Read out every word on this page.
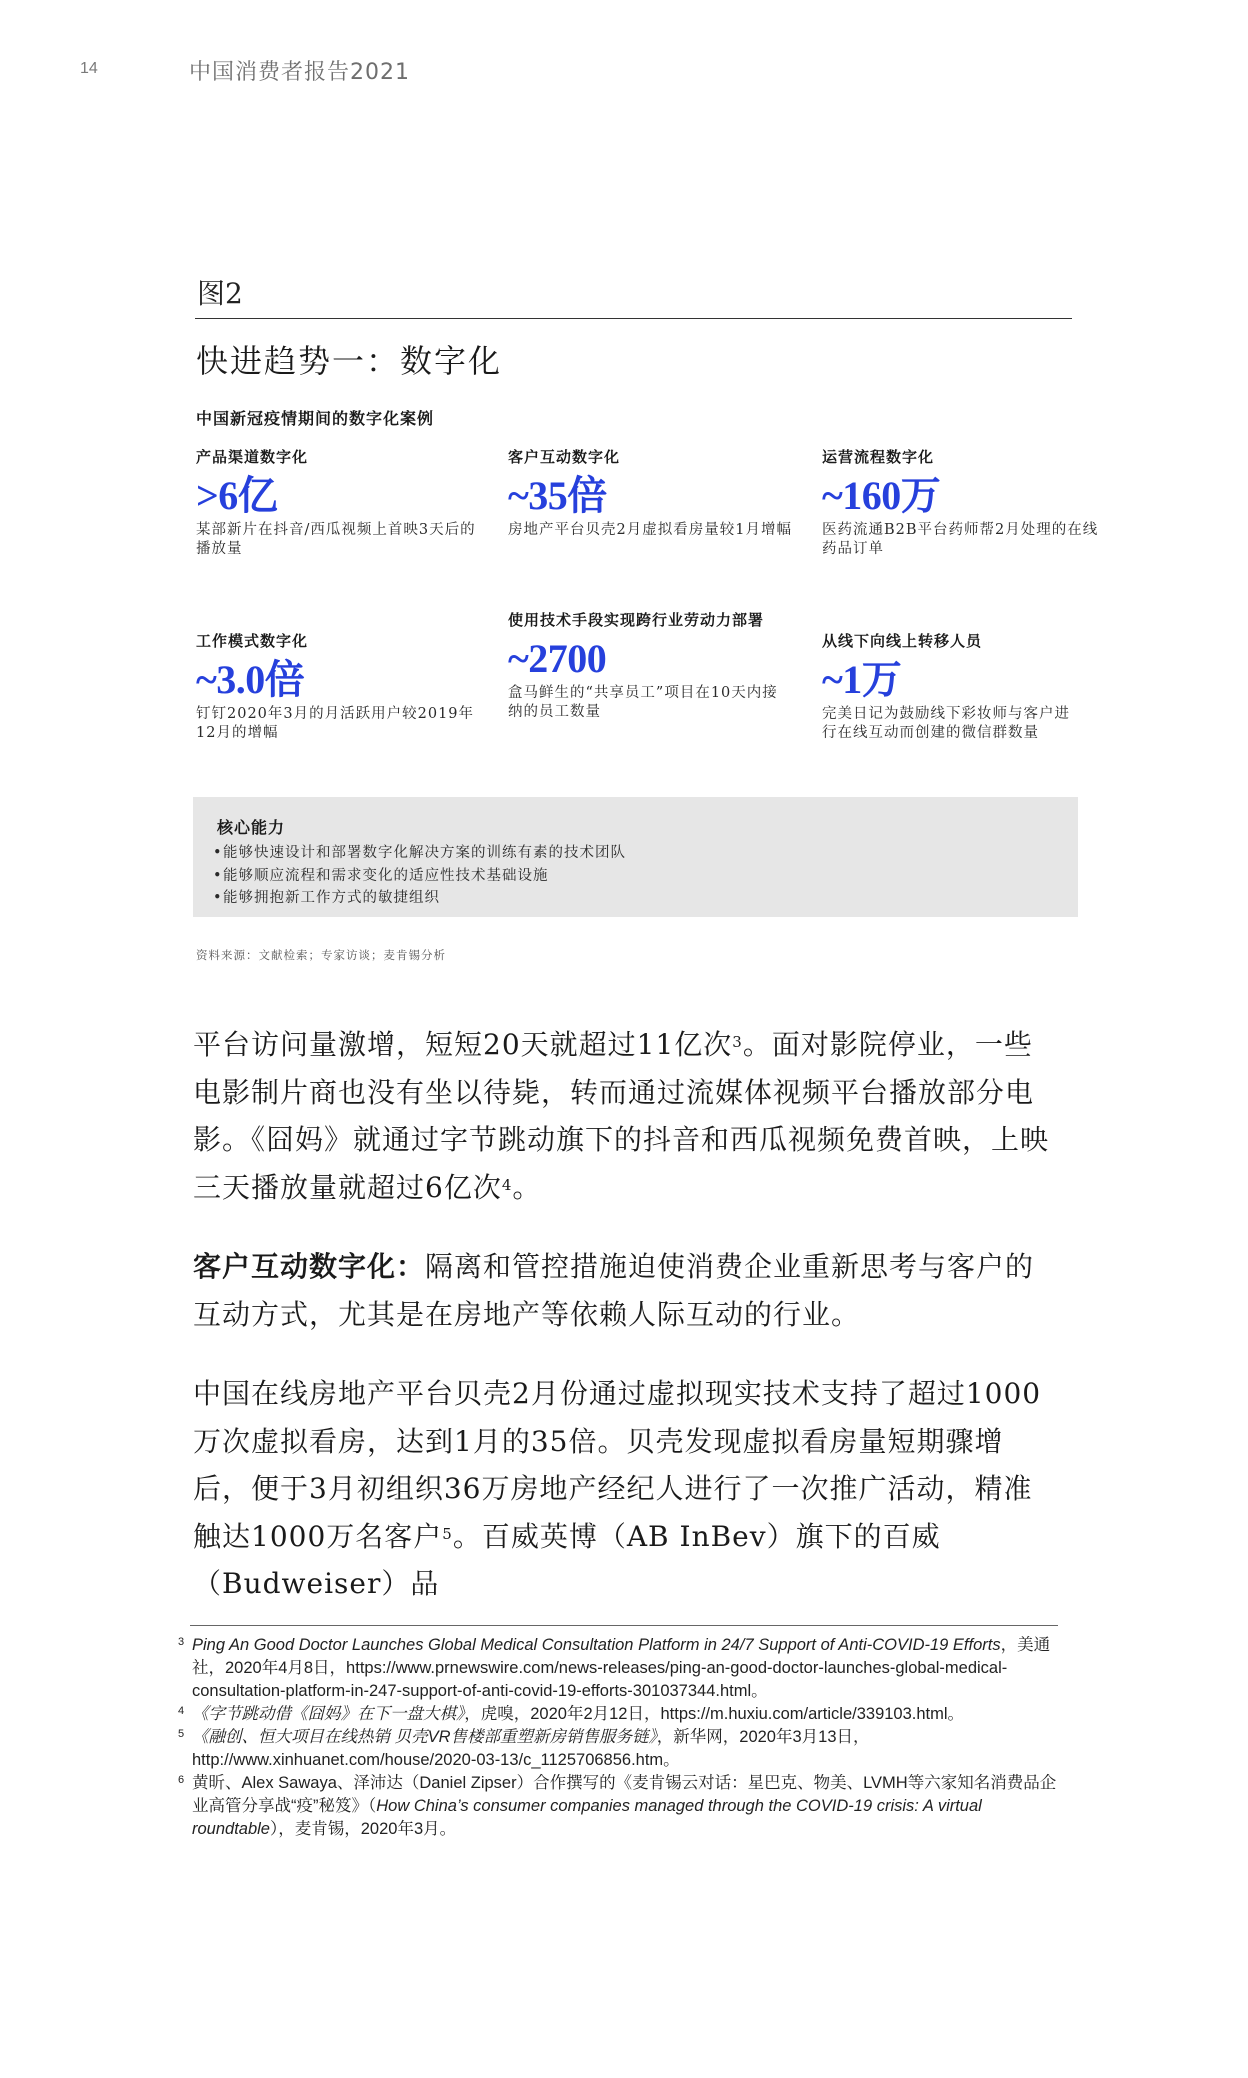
14	中国消费者报告2021
图2
快进趋势一：数字化
中国新冠疫情期间的数字化案例
产品渠道数字化
>6亿
某部新片在抖音/西瓜视频上首映3天后的播放量
客户互动数字化
~35倍
房地产平台贝壳2月虚拟看房量较1月增幅
运营流程数字化
~160万
医药流通B2B平台药师帮2月处理的在线药品订单
工作模式数字化
~3.0倍
钉钉2020年3月的月活跃用户较2019年12月的增幅
使用技术手段实现跨行业劳动力部署
~2700
盒马鲜生的“共享员工”项目在10天内接纳的员工数量
从线下向线上转移人员
~1万
完美日记为鼓励线下彩妆师与客户进行在线互动而创建的微信群数量
核心能力
•能够快速设计和部署数字化解决方案的训练有素的技术团队
•能够顺应流程和需求变化的适应性技术基础设施
•能够拥抱新工作方式的敏捷组织
资料来源：文献检索；专家访谈；麦肯锡分析

平台访问量激增，短短20天就超过11亿次$^3$。面对影院停业，一些电影制片商也没有坐以待毙，转而通过流媒体视频平台播放部分电影。《囧妈》就通过字节跳动旗下的抖音和西瓜视频免费首映，上映三天播放量就超过6亿次$^4$。

客户互动数字化：隔离和管控措施迫使消费企业重新思考与客户的互动方式，尤其是在房地产等依赖人际互动的行业。

中国在线房地产平台贝壳2月份通过虚拟现实技术支持了超过1000万次虚拟看房，达到1月的35倍。贝壳发现虚拟看房量短期骤增后，便于3月初组织36万房地产经纪人进行了一次推广活动，精准触达1000万名客户$^5$。百威英博（AB InBev）旗下的百威（Budweiser）品

3 Ping An Good Doctor Launches Global Medical Consultation Platform in 24/7 Support of Anti-COVID-19 Efforts，美通社，2020年4月8日，https://www.prnewswire.com/news-releases/ping-an-good-doctor-launches-global-medical-consultation-platform-in-247-support-of-anti-covid-19-efforts-301037344.html。
4 《字节跳动借《囧妈》在下一盘大棋》，虎嗅，2020年2月12日，https://m.huxiu.com/article/339103.html。
5 《融创、恒大项目在线热销 贝壳VR售楼部重塑新房销售服务链》，新华网，2020年3月13日，http://www.xinhuanet.com/house/2020-03-13/c_1125706856.htm。
6 黄昕、Alex Sawaya、泽沛达（Daniel Zipser）合作撰写的《麦肯锡云对话：星巴克、物美、LVMH等六家知名消费品企业高管分享战“疫”秘笈》（How China’s consumer companies managed through the COVID-19 crisis: A virtual roundtable），麦肯锡，2020年3月。
